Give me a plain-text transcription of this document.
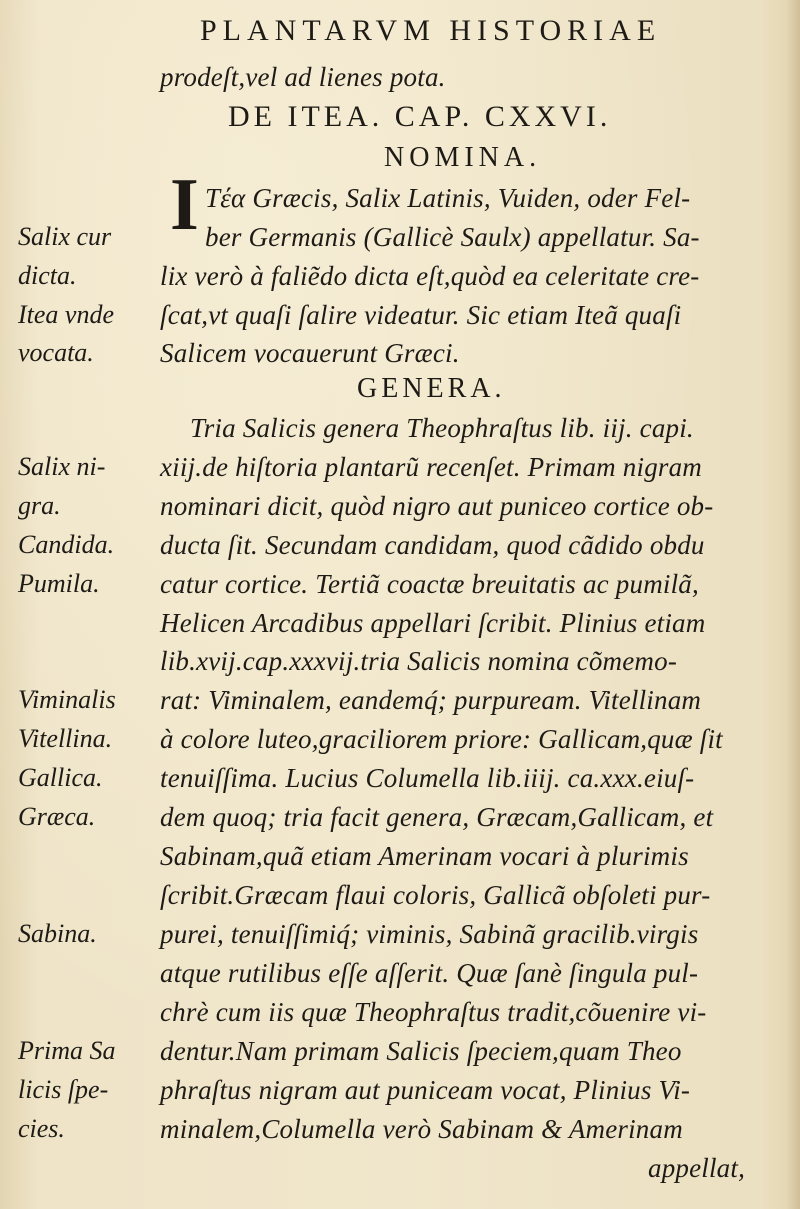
PLANTARVM HISTORIAE
prodeſt,vel ad lienes pota.
DE ITEA. CAP. CXXVI.
NOMINA.
I Tέα Græcis, Salix Latinis, Vuiden, oder Fel-
ber Germanis (Gallicè Saulx) appellatur. Sa-
lix verò à faliẽdo dicta eſt,quòd ea celeritate cre-
ſcat,vt quaſi ſalire videatur. Sic etiam Iteã quaſi
Salicem vocauerunt Græci.
GENERA.
Tria Salicis genera Theophraſtus lib. iij. capi.
xiij.de hiſtoria plantarũ recenſet. Primam nigram
nominari dicit, quòd nigro aut puniceo cortice ob-
ducta ſit. Secundam candidam, quod cãdido obdu
catur cortice. Tertiã coactæ breuitatis ac pumilã,
Helicen Arcadibus appellari ſcribit. Plinius etiam
lib.xvij.cap.xxxvij.tria Salicis nomina cõmemo-
rat: Viminalem, eandemq́; purpuream. Vitellinam
à colore luteo,graciliorem priore: Gallicam,quæ ſit
tenuiſſima. Lucius Columella lib.iiij. ca.xxx.eiuſ-
dem quoq; tria facit genera, Græcam,Gallicam, et
Sabinam,quã etiam Amerinam vocari à plurimis
ſcribit.Græcam flaui coloris, Gallicã obſoleti pur-
purei, tenuiſſimiq́; viminis, Sabinã gracilib.virgis
atque rutilibus eſſe aſſerit. Quæ ſanè ſingula pul-
chrè cum iis quæ Theophraſtus tradit,cõuenire vi-
dentur.Nam primam Salicis ſpeciem,quam Theo
phraſtus nigram aut puniceam vocat, Plinius Vi-
minalem,Columella verò Sabinam & Amerinam
appellat,
Salix cur
dicta.
Itea vnde
vocata.
Salix ni-
gra.
Candida.
Pumila.
Viminalis
Vitellina.
Gallica.
Græca.
Sabina.
Prima Sa
licis ſpe-
cies.
